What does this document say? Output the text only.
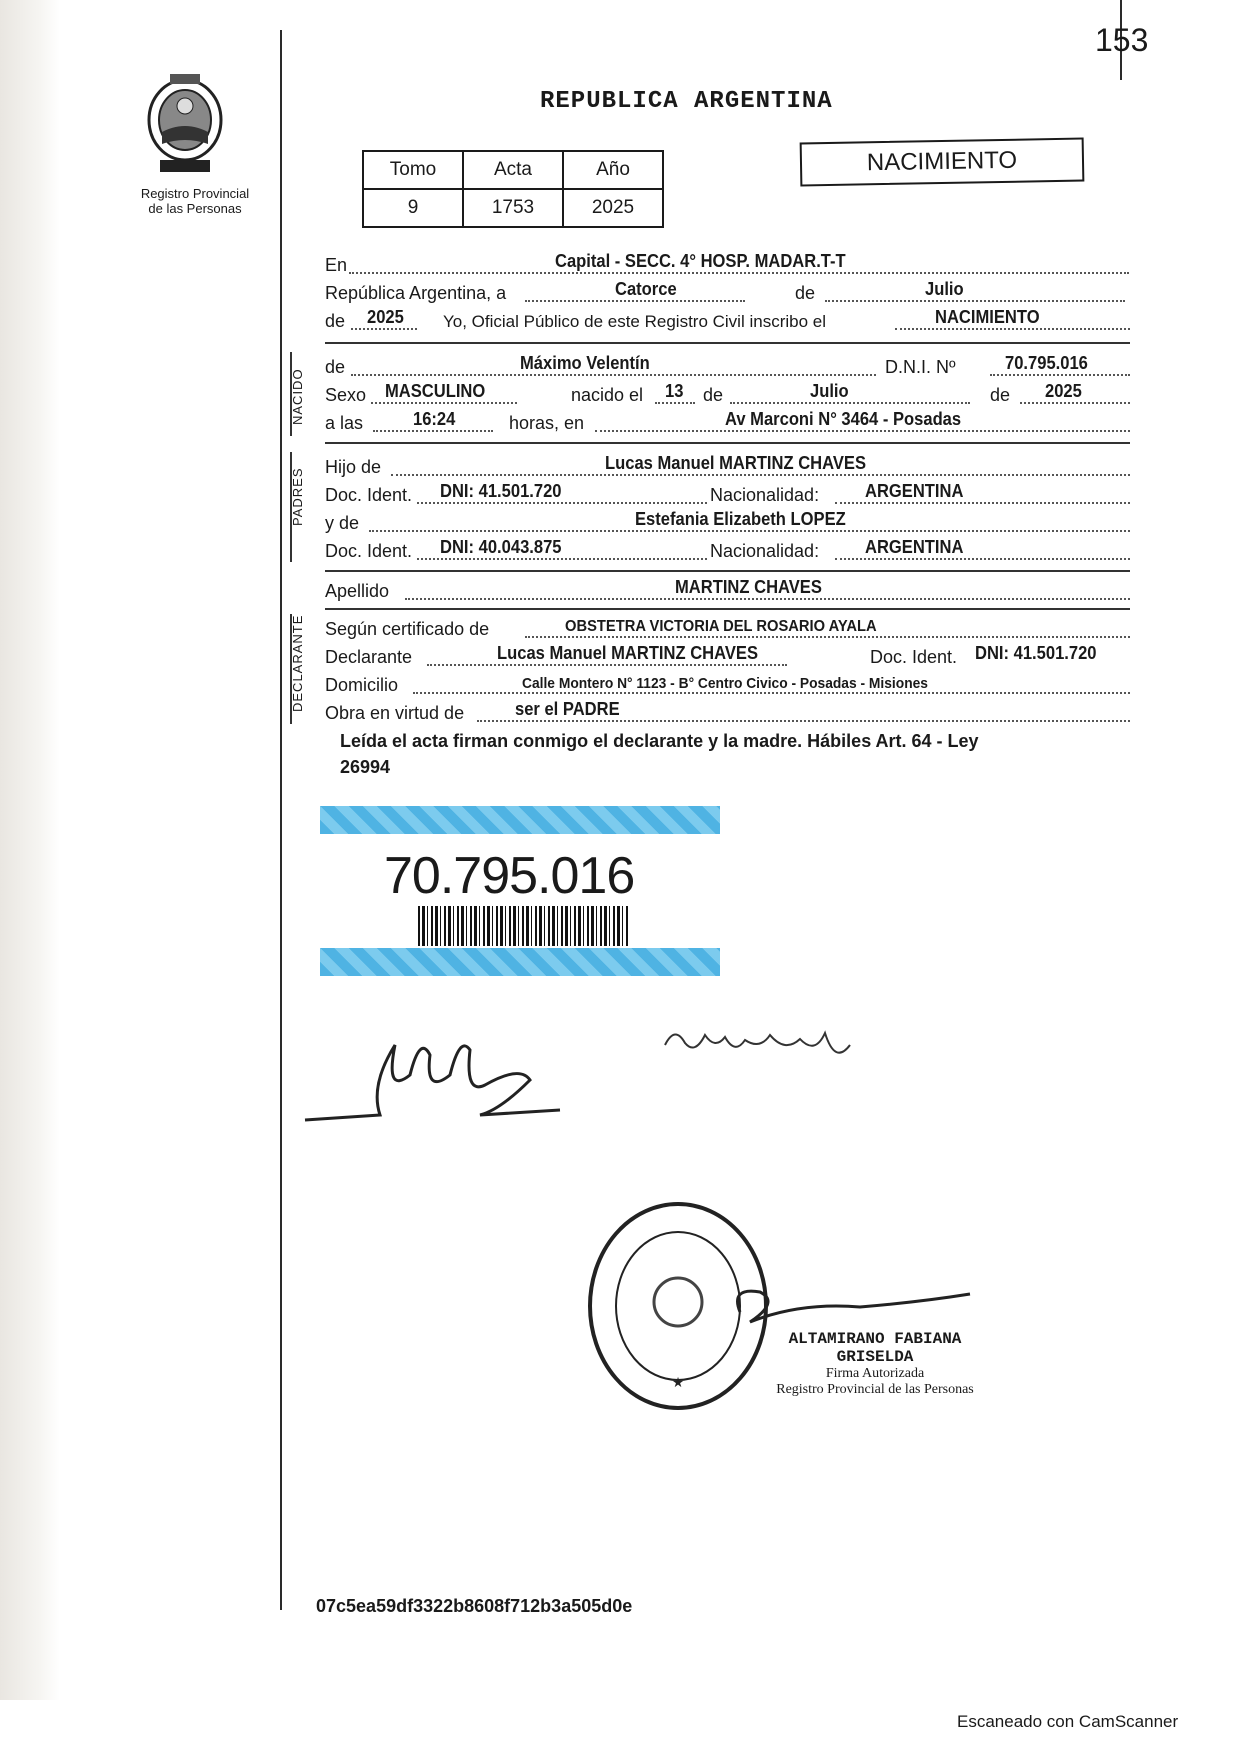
153
Registro Provincial
de las Personas
REPUBLICA ARGENTINA
Tomo	Acta	Año
9	1753	2025
NACIMIENTO
En	Capital - SECC. 4° HOSP. MADAR.T-T
República Argentina, a	Catorce	de	Julio
de 2025 Yo, Oficial Público de este Registro Civil inscribo el	NACIMIENTO
NACIDO
de	Máximo Velentín	D.N.I. Nº	70.795.016
Sexo MASCULINO	nacido el 13 de	Julio	de 2025
a las	16:24	horas, en	Av Marconi N° 3464 - Posadas
PADRES
Hijo de	Lucas Manuel MARTINZ CHAVES
Doc. Ident. DNI: 41.501.720	Nacionalidad:	ARGENTINA
y de	Estefania Elizabeth LOPEZ
Doc. Ident. DNI: 40.043.875	Nacionalidad:	ARGENTINA
Apellido	MARTINZ CHAVES
DECLARANTE Según certificado de	OBSTETRA VICTORIA DEL ROSARIO AYALA
Declarante	Lucas Manuel MARTINZ CHAVES	Doc. Ident. DNI: 41.501.720
Domicilio	Calle Montero N° 1123 - B° Centro Civico - Posadas - Misiones
Obra en virtud de	ser el PADRE
Leída el acta firman conmigo el declarante y la madre. Hábiles Art. 64 - Ley
26994
70.795.016
★
ALTAMIRANO FABIANA GRISELDA
Firma Autorizada
Registro Provincial de las Personas
07c5ea59df3322b8608f712b3a505d0e
Escaneado con CamScanner
